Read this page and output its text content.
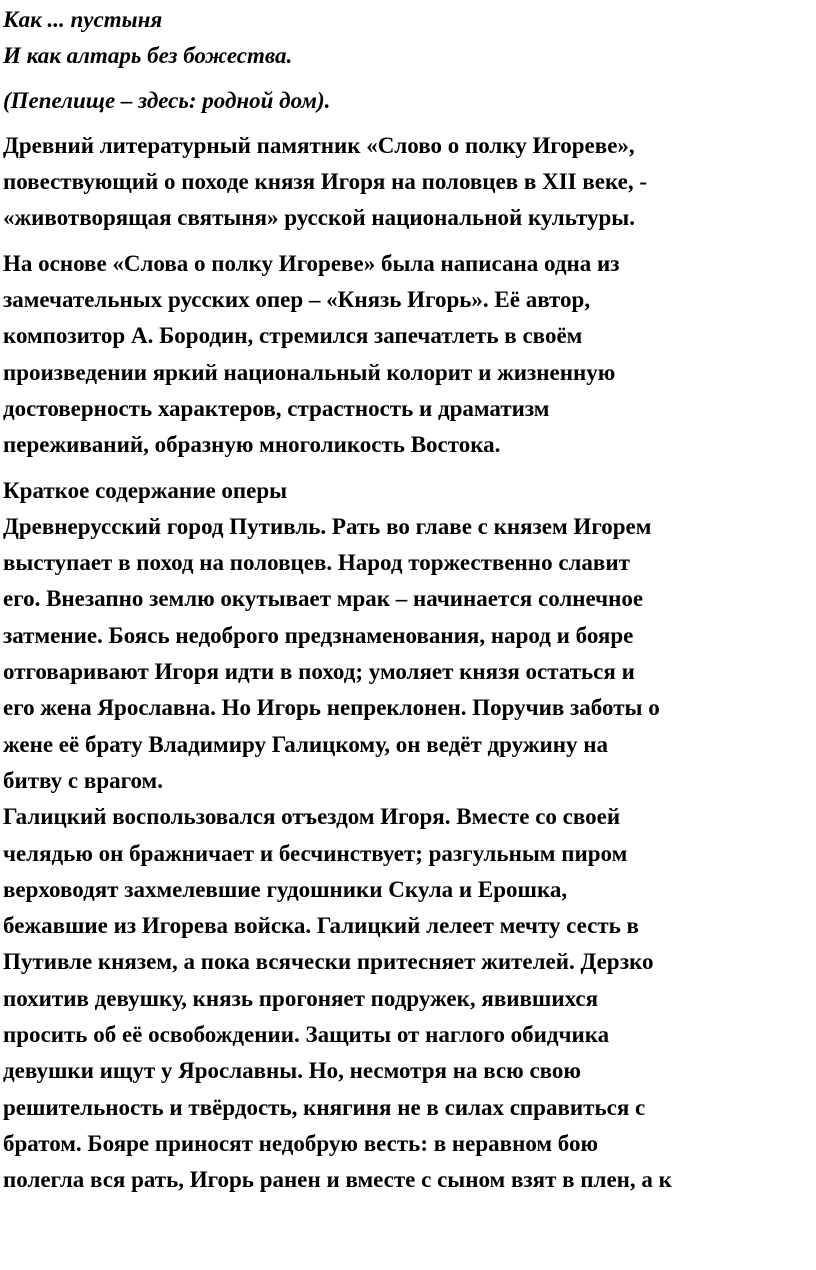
Как ... пустыня
И как алтарь без божества.
(Пепелище – здесь: родной дом).
Древний литературный памятник «Слово о полку Игореве»,
повествующий о походе князя Игоря на половцев в XII веке, -
«животворящая святыня» русской национальной культуры.
На основе «Слова о полку Игореве» была написана одна из
замечательных русских опер – «Князь Игорь». Её автор,
композитор А. Бородин, стремился запечатлеть в своём
произведении яркий национальный колорит и жизненную
достоверность характеров, страстность и драматизм
переживаний, образную многоликость Востока.
Краткое содержание оперы
Древнерусский город Путивль. Рать во главе с князем Игорем
выступает в поход на половцев. Народ торжественно славит
его. Внезапно землю окутывает мрак – начинается солнечное
затмение. Боясь недоброго предзнаменования, народ и бояре
отговаривают Игоря идти в поход; умоляет князя остаться и
его жена Ярославна. Но Игорь непреклонен. Поручив заботы о
жене её брату Владимиру Галицкому, он ведёт дружину на
битву с врагом.
Галицкий воспользовался отъездом Игоря. Вместе со своей
челядью он бражничает и бесчинствует; разгульным пиром
верховодят захмелевшие гудошники Скула и Ерошка,
бежавшие из Игорева войска. Галицкий лелеет мечту сесть в
Путивле князем, а пока всячески притесняет жителей. Дерзко
похитив девушку, князь прогоняет подружек, явившихся
просить об её освобождении. Защиты от наглого обидчика
девушки ищут у Ярославны. Но, несмотря на всю свою
решительность и твёрдость, княгиня не в силах справиться с
братом. Бояре приносят недобрую весть: в неравном бою
полегла вся рать, Игорь ранен и вместе с сыном взят в плен, а к
